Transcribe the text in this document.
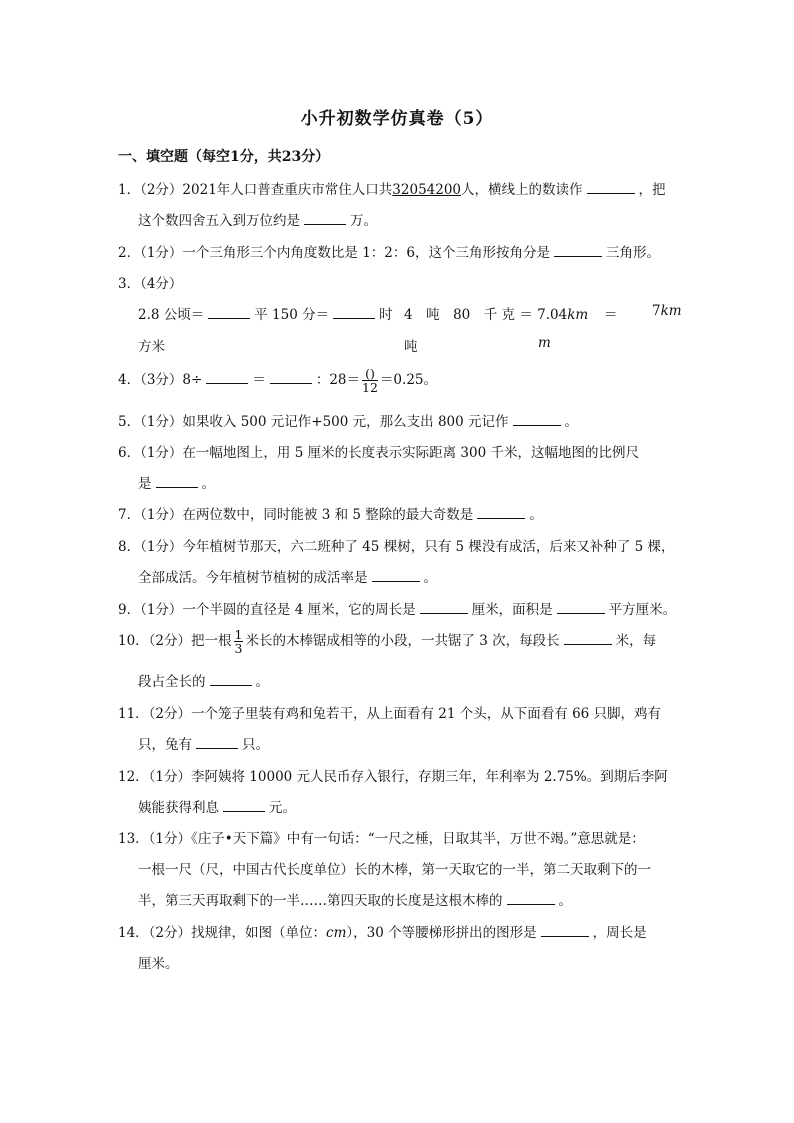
小升初数学仿真卷（5）
一、填空题（每空1分，共23分）
1．（2分）2021年人口普查重庆市常住人口共32054200人，横线上的数读作	，把
这个数四舍五入到万位约是	万。
2．（1分）一个三角形三个内角度数比是 1：2：6，这个三角形按角分是	三角形。
3．（4分）
2.8 公顷＝	平 150 分＝	时 4　吨　80　千 克 ＝ 7.04km ＝	7km
方米	吨	m
4．（3分）8÷	＝	：$28= \frac{()}{12} =0.25$。
5．（1分）如果收入 500 元记作+500 元，那么支出 800 元记作	。
6．（1分）在一幅地图上，用 5 厘米的长度表示实际距离 300 千米，这幅地图的比例尺
是	。
7．（1分）在两位数中，同时能被 3 和 5 整除的最大奇数是	。
8．（1分）今年植树节那天，六二班种了 45 棵树，只有 5 棵没有成活，后来又补种了 5 棵，
全部成活。今年植树节植树的成活率是	。
9．（1分）一个半圆的直径是 4 厘米，它的周长是	厘米，面积是	平方厘米。
10．（2分）把一根 $\frac{1}{3}$ 米长的木棒锯成相等的小段，一共锯了 3 次，每段长	米，每
段占全长的	。
11．（2分）一个笼子里装有鸡和兔若干，从上面看有 21 个头，从下面看有 66 只脚，鸡有
只，兔有	只。
12．（1分）李阿姨将 10000 元人民币存入银行，存期三年，年利率为 2.75%。到期后李阿
姨能获得利息	元。
13．（1分）《庄子•天下篇》中有一句话：“一尺之棰，日取其半，万世不竭。”意思就是：
一根一尺（尺，中国古代长度单位）长的木棒，第一天取它的一半，第二天取剩下的一
半，第三天再取剩下的一半……第四天取的长度是这根木棒的	。
14．（2分）找规律，如图（单位：cm），30 个等腰梯形拼出的图形是	，周长是
厘米。
